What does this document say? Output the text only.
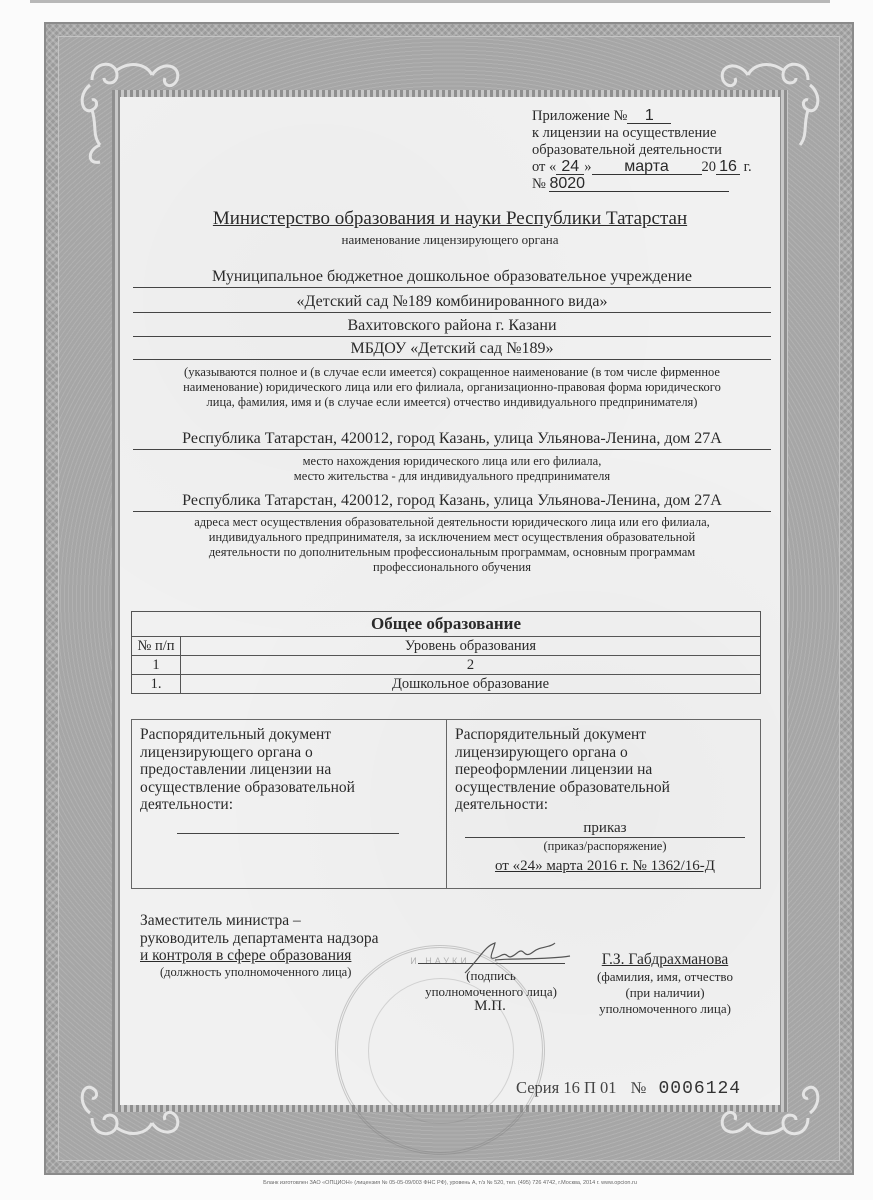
Приложение № 1
к лицензии на осуществление
образовательной деятельности
от « 24 » марта 20 16 г.
№ 8020
Министерство образования и науки Республики Татарстан
наименование лицензирующего органа
Муниципальное бюджетное дошкольное образовательное учреждение
«Детский сад №189 комбинированного вида»
Вахитовского района г. Казани
МБДОУ «Детский сад №189»
(указываются полное и (в случае если имеется) сокращенное наименование (в том числе фирменное
наименование) юридического лица или его филиала, организационно-правовая форма юридического
лица, фамилия, имя и (в случае если имеется) отчество индивидуального предпринимателя)
Республика Татарстан, 420012, город Казань, улица Ульянова-Ленина, дом 27А
место нахождения юридического лица или его филиала,
место жительства - для индивидуального предпринимателя
Республика Татарстан, 420012, город Казань, улица Ульянова-Ленина, дом 27А
адреса мест осуществления образовательной деятельности юридического лица или его филиала,
индивидуального предпринимателя, за исключением мест осуществления образовательной
деятельности по дополнительным профессиональным программам, основным программам
профессионального обучения
Общее образование	
№ п/п	Уровень образования
1	2
1.	Дошкольное образование
Распорядительный документ
лицензирующего органа о
предоставлении лицензии на
осуществление образовательной
деятельности:
Распорядительный документ
лицензирующего органа о
переоформлении лицензии на
осуществление образовательной
деятельности:
приказ
(приказ/распоряжение)
от «24» марта 2016 г. № 1362/16-Д
И НАУКИ
Заместитель министра –
руководитель департамента надзора
и контроля в сфере образования
(должность уполномоченного лица)	(подпись
уполномоченного лица)
М.П.
Г.З. Габдрахманова
(фамилия, имя, отчество
(при наличии)
уполномоченного лица)
Серия 16 П 01 № 0006124
Бланк изготовлен ЗАО «ОПЦИОН» (лицензия № 05-05-09/003 ФНС РФ), уровень А, т/з № 520, тел. (495) 726 4742, г.Москва, 2014 г. www.opcion.ru
